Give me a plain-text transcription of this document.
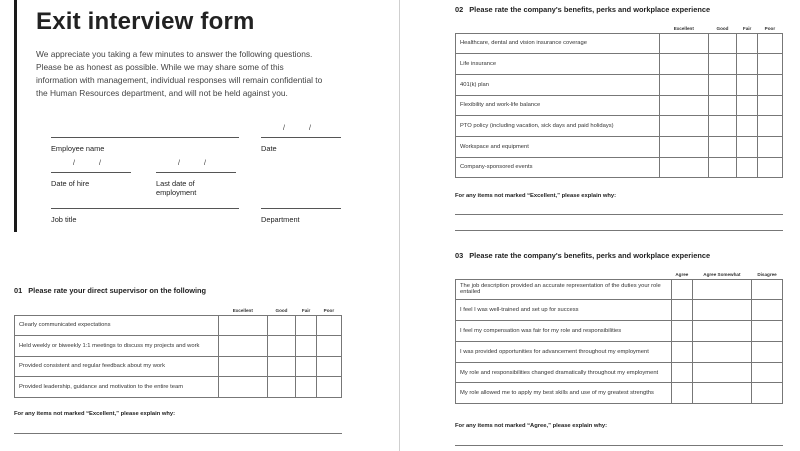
Exit interview form

We appreciate you taking a few minutes to answer the following questions. Please be as honest as possible. While we may share some of this information with management, individual responses will remain confidential to the Human Resources department, and will not be held against you.

Employee name
/	/
Date
/	/
Date of hire
/	/
Last date of employment
Job title	Department
01 Please rate your direct supervisor on the following
	Excellent	Good	Fair	Poor
Clearly communicated expectations				
Held weekly or biweekly 1:1 meetings to discuss my projects and work				
Provided consistent and regular feedback about my work				
Provided leadership, guidance and motivation to the entire team				
For any items not marked “Excellent,” please explain why:
02 Please rate the company's benefits, perks and workplace experience
	Excellent	Good	Fair	Poor
Healthcare, dental and vision insurance coverage				
Life insurance				
401(k) plan				
Flexibility and work-life balance				
PTO policy (including vacation, sick days and paid holidays)				
Workspace and equipment				
Company-sponsored events				
For any items not marked “Excellent,” please explain why:
03 Please rate the company's benefits, perks and workplace experience
	Agree	Agree Somewhat	Disagree
The job description provided an accurate representation of the duties your role entailed			
I feel I was well-trained and set up for success			
I feel my compensation was fair for my role and responsibilities			
I was provided opportunities for advancement throughout my employment			
My role and responsibilities changed dramatically throughout my employment			
My role allowed me to apply my best skills and use of my greatest strengths			
For any items not marked “Agree,” please explain why:
